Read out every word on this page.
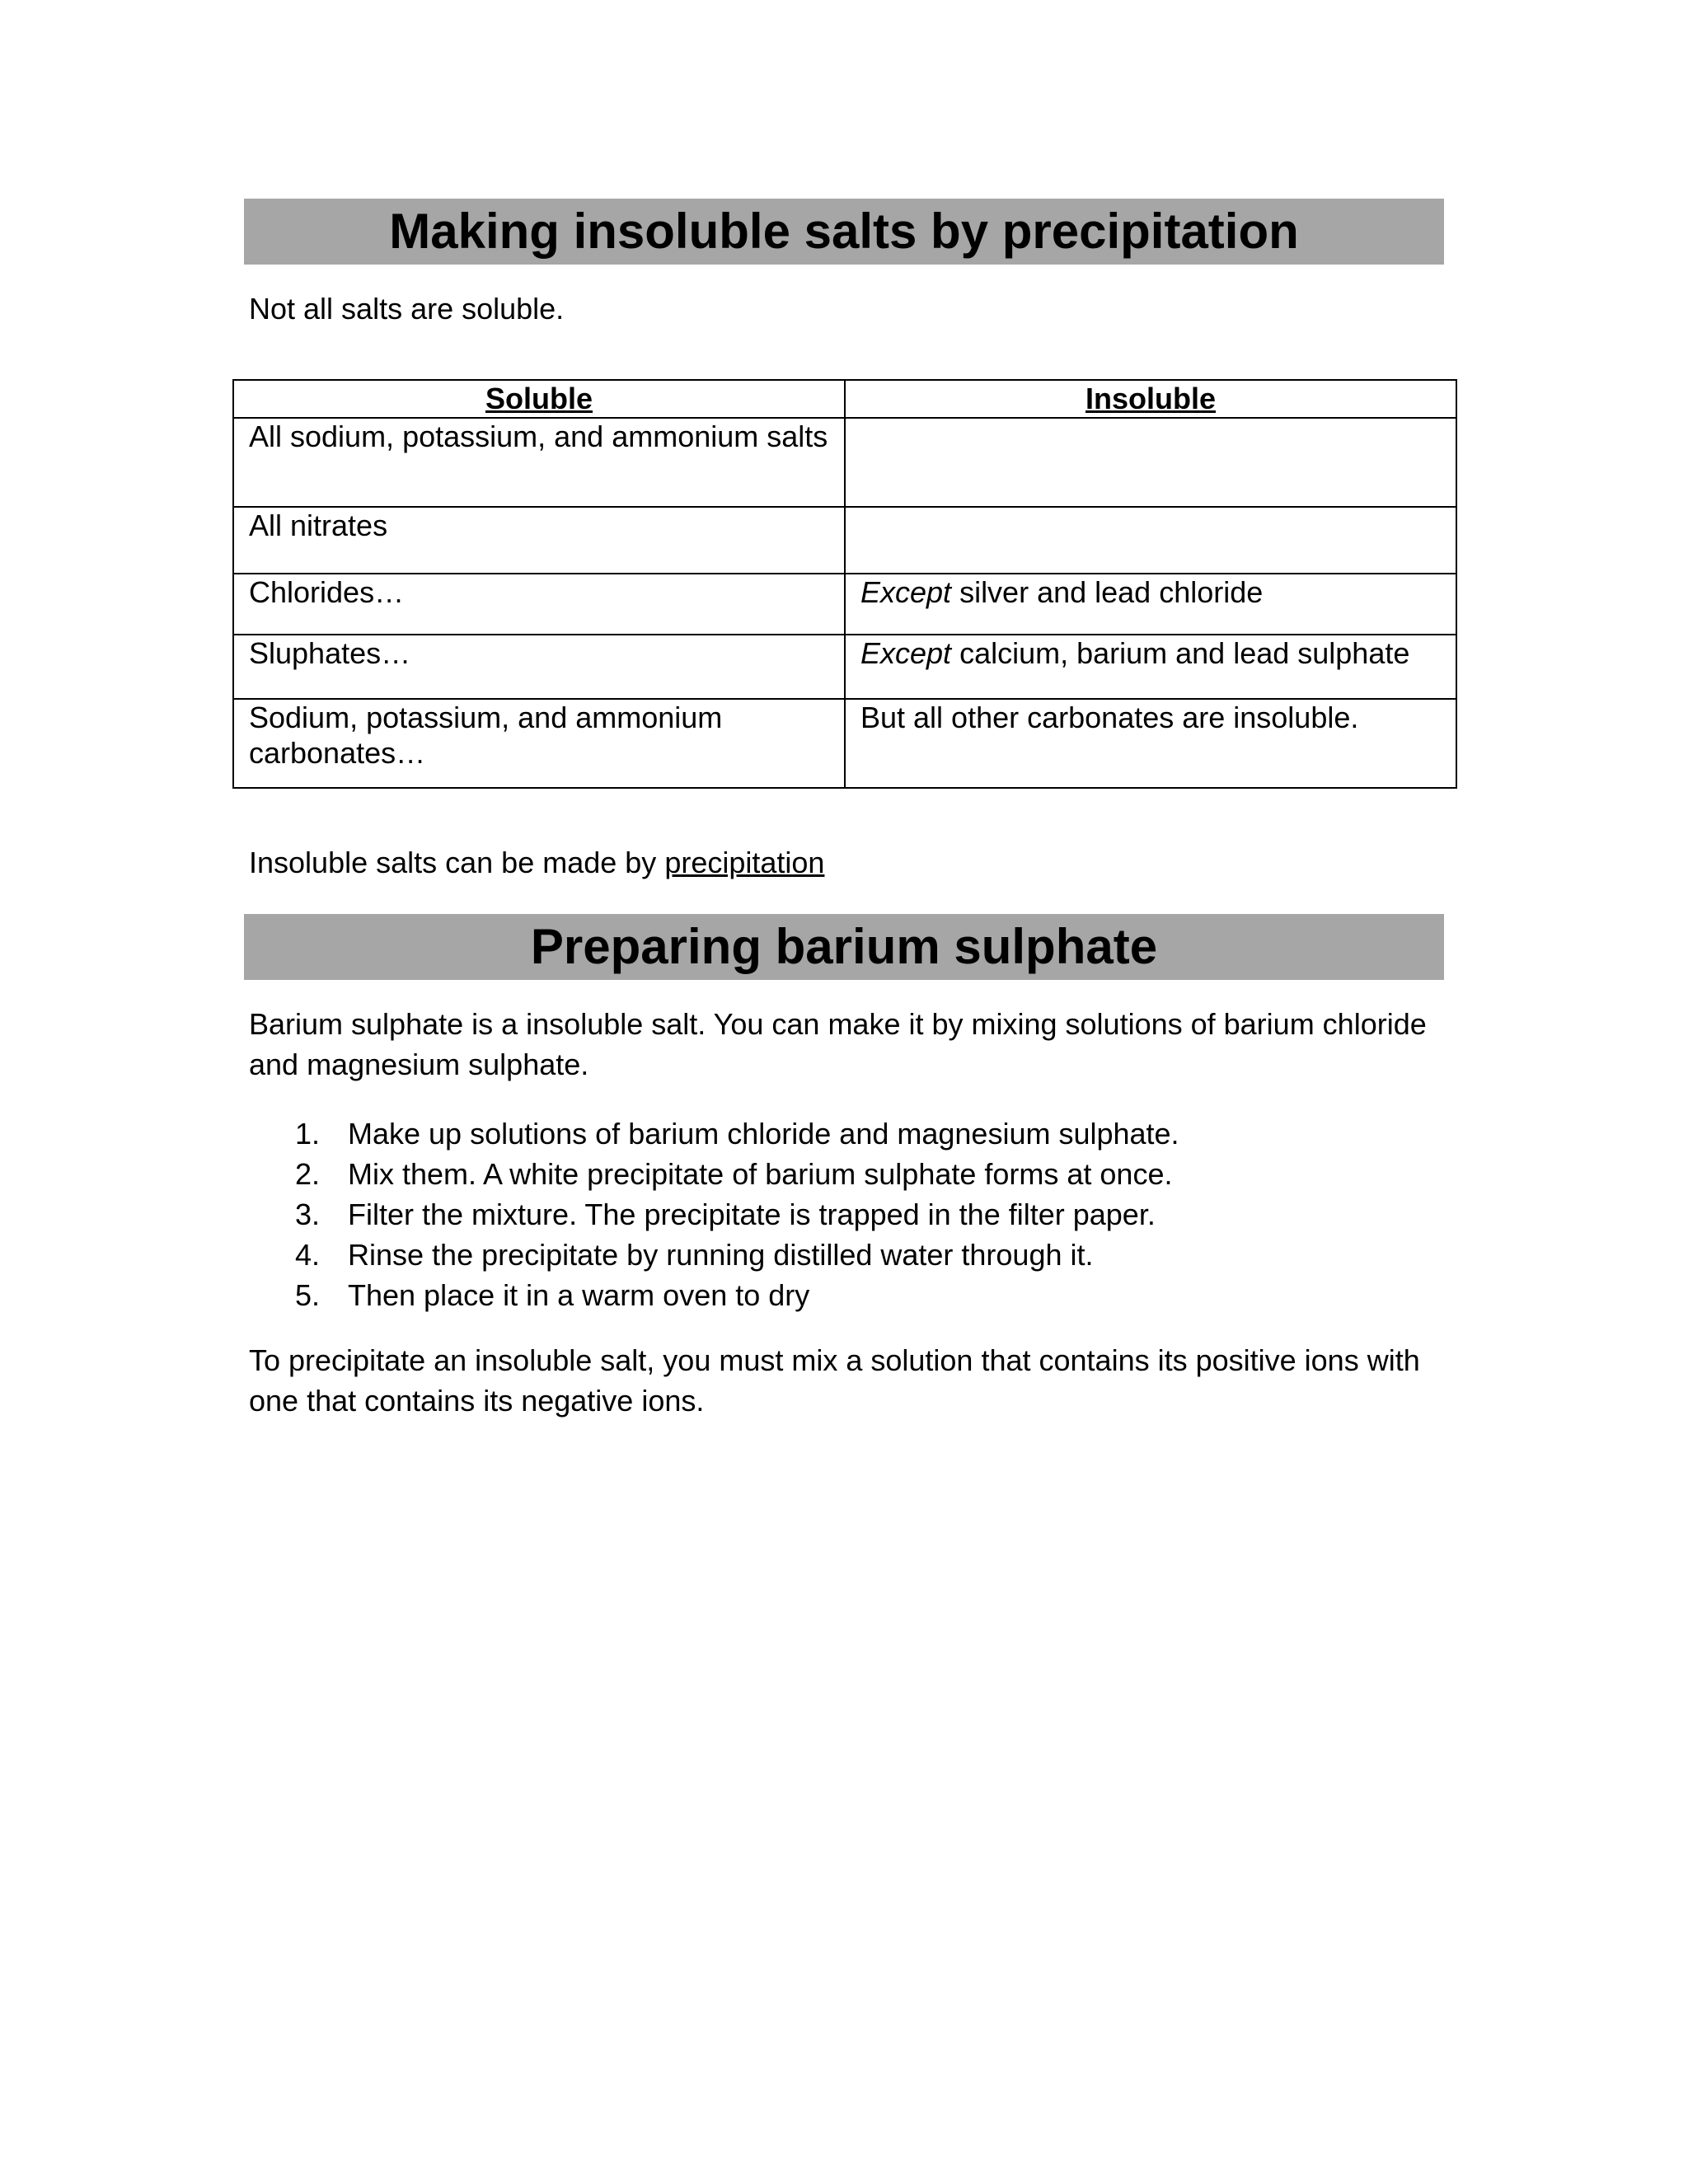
Making insoluble salts by precipitation

Not all salts are soluble.

Soluble	Insoluble
All sodium, potassium, and ammonium salts	
All nitrates	
Chlorides…	Except silver and lead chloride
Sluphates…	Except calcium, barium and lead sulphate
Sodium, potassium, and ammonium carbonates…	But all other carbonates are insoluble.

Insoluble salts can be made by precipitation

Preparing barium sulphate

Barium sulphate is a insoluble salt. You can make it by mixing solutions of barium chloride and magnesium sulphate.

1. Make up solutions of barium chloride and magnesium sulphate.
2. Mix them. A white precipitate of barium sulphate forms at once.
3. Filter the mixture. The precipitate is trapped in the filter paper.
4. Rinse the precipitate by running distilled water through it.
5. Then place it in a warm oven to dry

To precipitate an insoluble salt, you must mix a solution that contains its positive ions with one that contains its negative ions.
